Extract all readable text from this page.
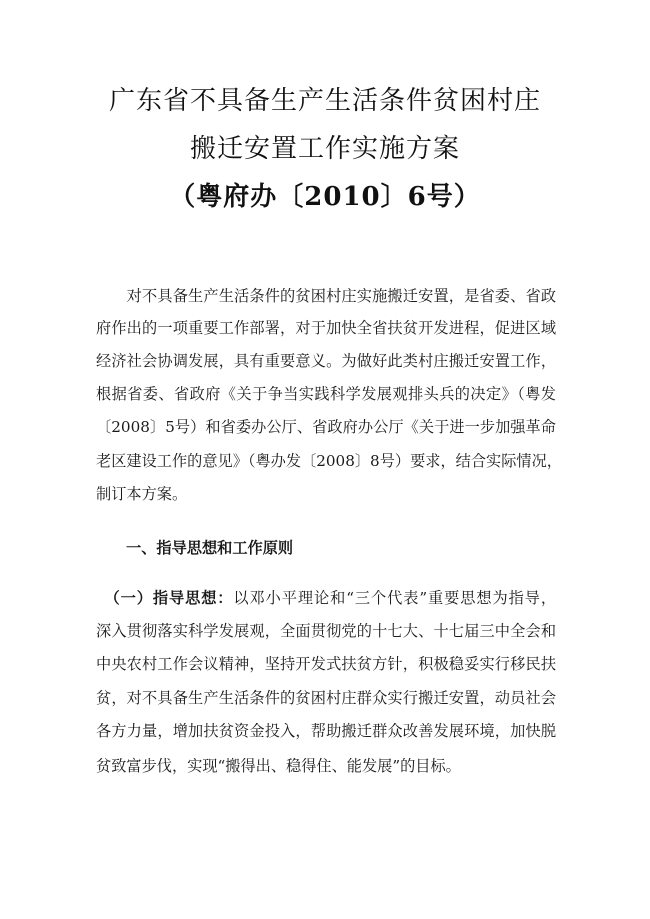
广东省不具备生产生活条件贫困村庄
搬迁安置工作实施方案
（粤府办〔2010〕6号）
　　对不具备生产生活条件的贫困村庄实施搬迁安置，是省委、省政
府作出的一项重要工作部署，对于加快全省扶贫开发进程，促进区域
经济社会协调发展，具有重要意义。为做好此类村庄搬迁安置工作，
根据省委、省政府《关于争当实践科学发展观排头兵的决定》（粤发
〔2008〕5号）和省委办公厅、省政府办公厅《关于进一步加强革命
老区建设工作的意见》（粤办发〔2008〕8号）要求，结合实际情况，
制订本方案。
一、指导思想和工作原则
　（一）指导思想：以邓小平理论和“三个代表”重要思想为指导，
深入贯彻落实科学发展观，全面贯彻党的十七大、十七届三中全会和
中央农村工作会议精神，坚持开发式扶贫方针，积极稳妥实行移民扶
贫，对不具备生产生活条件的贫困村庄群众实行搬迁安置，动员社会
各方力量，增加扶贫资金投入，帮助搬迁群众改善发展环境，加快脱
贫致富步伐，实现“搬得出、稳得住、能发展”的目标。
